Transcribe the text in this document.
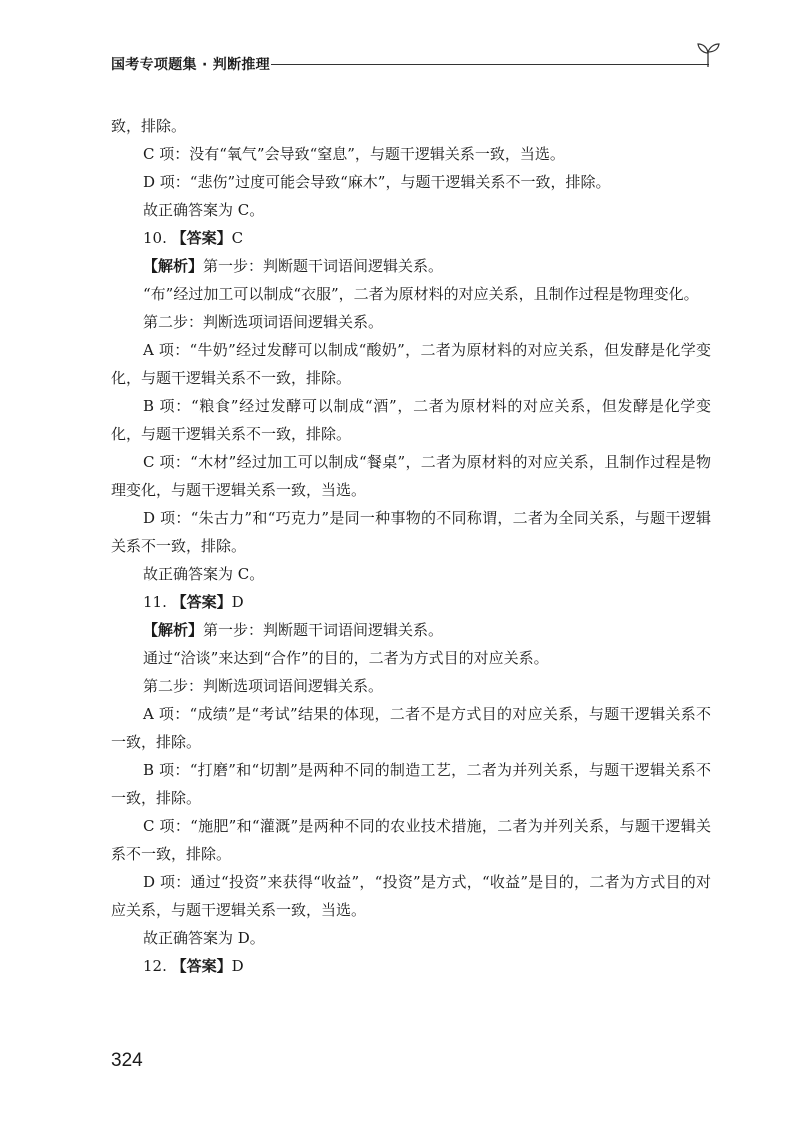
国考专项题集 · 判断推理

致，排除。

C 项：没有“氧气”会导致“窒息”，与题干逻辑关系一致，当选。

D 项：“悲伤”过度可能会导致“麻木”，与题干逻辑关系不一致，排除。

故正确答案为 C。

10. 【答案】C

【解析】第一步：判断题干词语间逻辑关系。

“布”经过加工可以制成“衣服”，二者为原材料的对应关系，且制作过程是物理变化。

第二步：判断选项词语间逻辑关系。

A 项：“牛奶”经过发酵可以制成“酸奶”，二者为原材料的对应关系，但发酵是化学变化，与题干逻辑关系不一致，排除。

B 项：“粮食”经过发酵可以制成“酒”，二者为原材料的对应关系，但发酵是化学变化，与题干逻辑关系不一致，排除。

C 项：“木材”经过加工可以制成“餐桌”，二者为原材料的对应关系，且制作过程是物理变化，与题干逻辑关系一致，当选。

D 项：“朱古力”和“巧克力”是同一种事物的不同称谓，二者为全同关系，与题干逻辑关系不一致，排除。

故正确答案为 C。

11. 【答案】D

【解析】第一步：判断题干词语间逻辑关系。

通过“洽谈”来达到“合作”的目的，二者为方式目的对应关系。

第二步：判断选项词语间逻辑关系。

A 项：“成绩”是“考试”结果的体现，二者不是方式目的对应关系，与题干逻辑关系不一致，排除。

B 项：“打磨”和“切割”是两种不同的制造工艺，二者为并列关系，与题干逻辑关系不一致，排除。

C 项：“施肥”和“灌溉”是两种不同的农业技术措施，二者为并列关系，与题干逻辑关系不一致，排除。

D 项：通过“投资”来获得“收益”，“投资”是方式，“收益”是目的，二者为方式目的对应关系，与题干逻辑关系一致，当选。

故正确答案为 D。

12. 【答案】D

324
